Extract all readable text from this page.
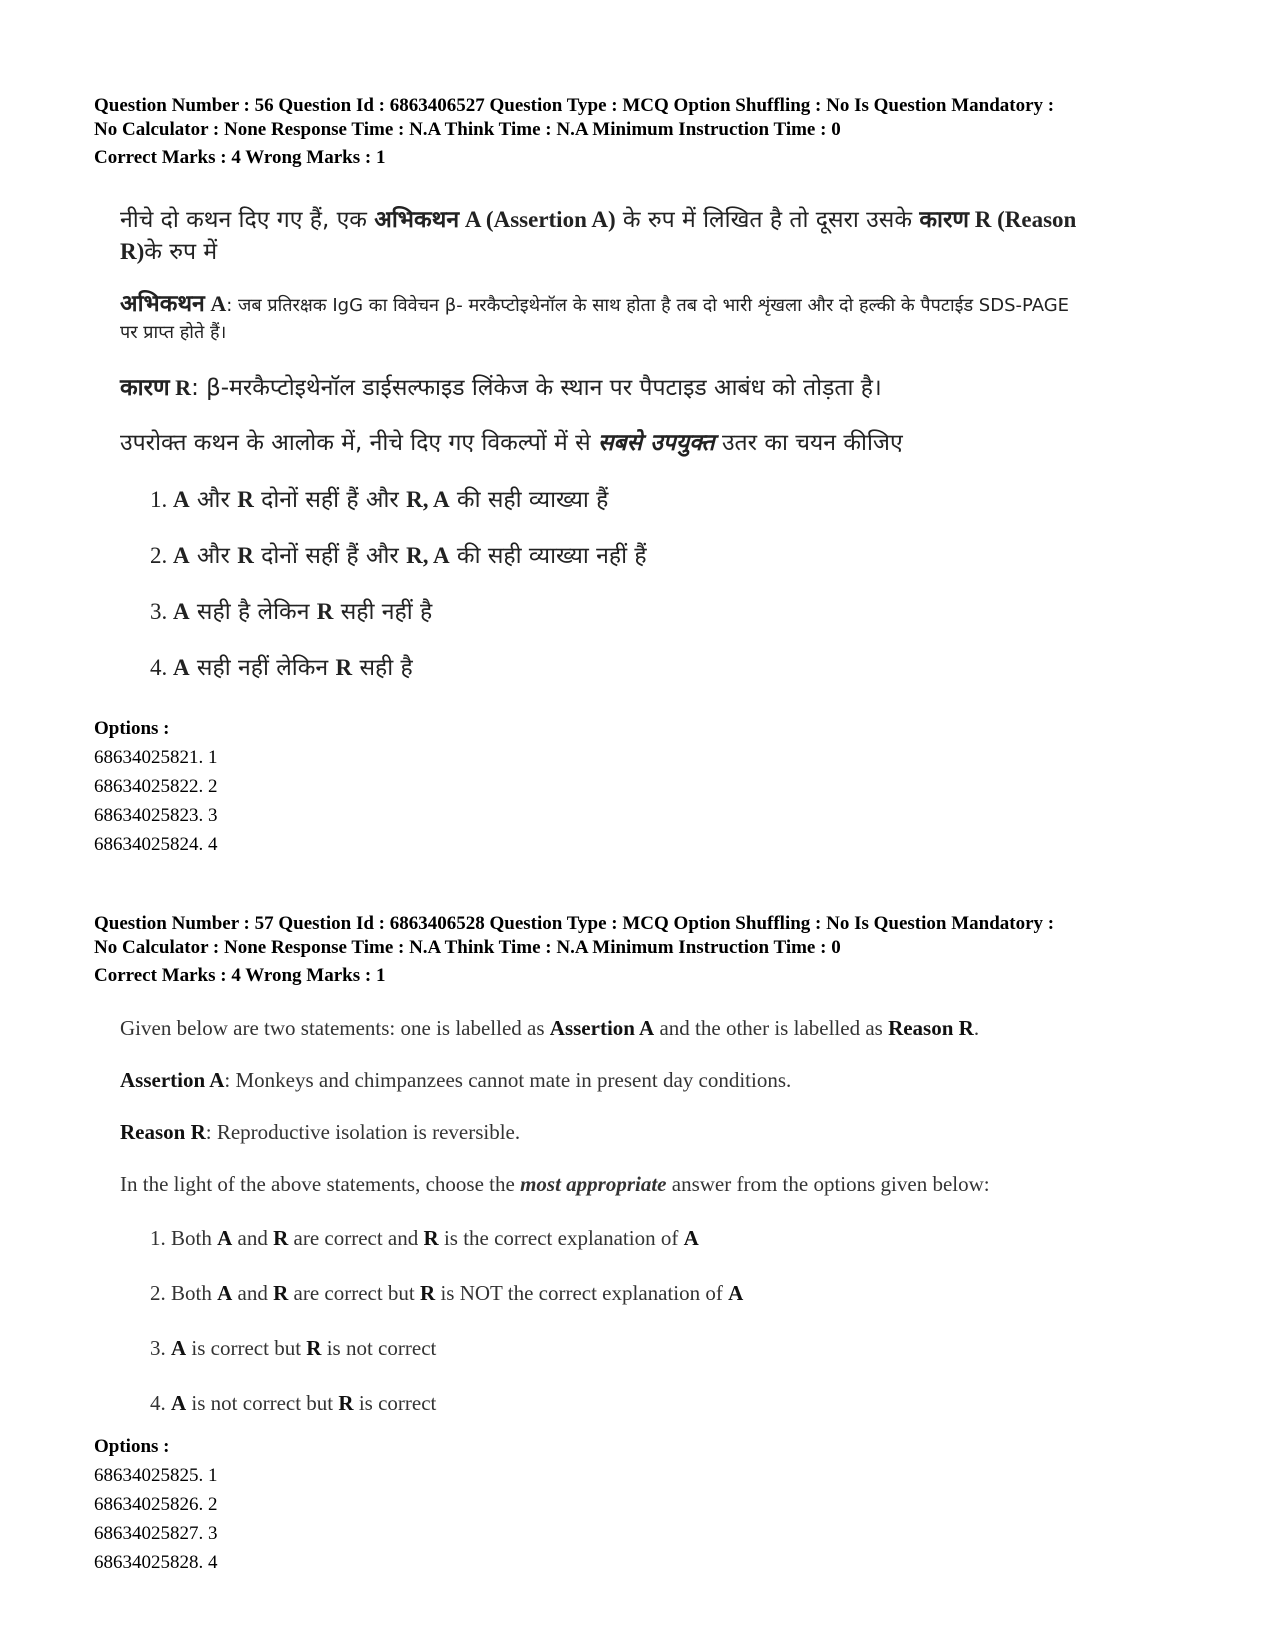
Question Number : 56 Question Id : 6863406527 Question Type : MCQ Option Shuffling : No Is Question Mandatory :
No Calculator : None Response Time : N.A Think Time : N.A Minimum Instruction Time : 0
Correct Marks : 4 Wrong Marks : 1
नीचे दो कथन दिए गए हैं, एक अभिकथन A (Assertion A) के रुप में लिखित है तो दूसरा उसके कारण R (Reason
R)के रुप में
अभिकथन A: जब प्रतिरक्षक IgG का विवेचन β- मरकैप्टोइथेनॉल के साथ होता है तब दो भारी शृंखला और दो हल्की के पैपटाईड SDS-PAGE
पर प्राप्त होते हैं।
कारण R: β-मरकैप्टोइथेनॉल डाईसल्फाइड लिंकेज के स्थान पर पैपटाइड आबंध को तोड़ता है।
उपरोक्त कथन के आलोक में, नीचे दिए गए विकल्पों में से सबसे उपयुक्त उतर का चयन कीजिए
1. A और R दोनों सहीं हैं और R, A की सही व्याख्या हैं
2. A और R दोनों सहीं हैं और R, A की सही व्याख्या नहीं हैं
3. A सही है लेकिन R सही नहीं है
4. A सही नहीं लेकिन R सही है
Options :
68634025821. 1
68634025822. 2
68634025823. 3
68634025824. 4
Question Number : 57 Question Id : 6863406528 Question Type : MCQ Option Shuffling : No Is Question Mandatory :
No Calculator : None Response Time : N.A Think Time : N.A Minimum Instruction Time : 0
Correct Marks : 4 Wrong Marks : 1
Given below are two statements: one is labelled as Assertion A and the other is labelled as Reason R.
Assertion A: Monkeys and chimpanzees cannot mate in present day conditions.
Reason R: Reproductive isolation is reversible.
In the light of the above statements, choose the most appropriate answer from the options given below:
1. Both A and R are correct and R is the correct explanation of A
2. Both A and R are correct but R is NOT the correct explanation of A
3. A is correct but R is not correct
4. A is not correct but R is correct
Options :
68634025825. 1
68634025826. 2
68634025827. 3
68634025828. 4
